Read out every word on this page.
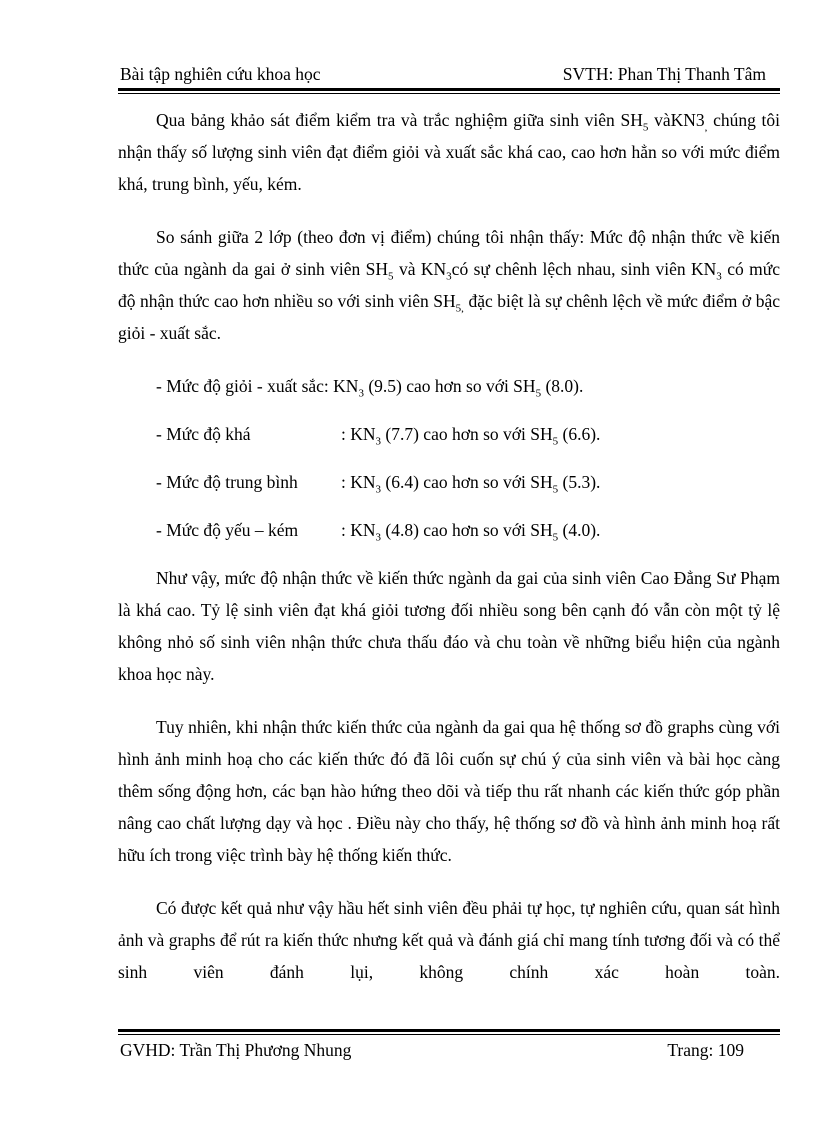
Bài tập nghiên cứu khoa học	SVTH: Phan Thị Thanh Tâm

Qua bảng khảo sát điểm kiểm tra và trắc nghiệm giữa sinh viên $SH_5$ $vàKN3_,$ chúng tôi nhận thấy số lượng sinh viên đạt điểm giỏi và xuất sắc khá cao, cao hơn hẳn so với mức điểm khá, trung bình, yếu, kém.

So sánh giữa 2 lớp (theo đơn vị điểm) chúng tôi nhận thấy: Mức độ nhận thức về kiến thức của ngành da gai ở sinh viên $SH_5$ và $KN_3có$ sự chênh lệch nhau, sinh viên $KN_3$ có mức độ nhận thức cao hơn nhiều so với sinh viên $SH_{5,}$ đặc biệt là sự chênh lệch về mức điểm ở bậc giỏi - xuất sắc.

- Mức độ giỏi - xuất sắc: $KN_3$ (9.5) cao hơn so với $SH_5$ (8.0).
- Mức độ khá	: $KN_3$ (7.7) cao hơn so với $SH_5$ (6.6).
- Mức độ trung bình : $KN_3$ (6.4) cao hơn so với $SH_5$ (5.3).
- Mức độ yếu – kém : $KN_3$ (4.8) cao hơn so với $SH_5$ (4.0).

Như vậy, mức độ nhận thức về kiến thức ngành da gai của sinh viên Cao Đẳng Sư Phạm là khá cao. Tỷ lệ sinh viên đạt khá giỏi tương đối nhiều song bên cạnh đó vẫn còn một tỷ lệ không nhỏ số sinh viên nhận thức chưa thấu đáo và chu toàn về những biểu hiện của ngành khoa học này.

Tuy nhiên, khi nhận thức kiến thức của ngành da gai qua hệ thống sơ đồ graphs cùng với hình ảnh minh hoạ cho các kiến thức đó đã lôi cuốn sự chú ý của sinh viên và bài học càng thêm sống động hơn, các bạn hào hứng theo dõi và tiếp thu rất nhanh các kiến thức góp phần nâng cao chất lượng dạy và học . Điều này cho thấy, hệ thống sơ đồ và hình ảnh minh hoạ rất hữu ích trong việc trình bày hệ thống kiến thức.

Có được kết quả như vậy hầu hết sinh viên đều phải tự học, tự nghiên cứu, quan sát hình ảnh và graphs để rút ra kiến thức nhưng kết quả và đánh giá chỉ mang tính tương đối và có thể sinh viên đánh lụi, không chính xác hoàn toàn.

GVHD: Trần Thị Phương Nhung	Trang: 109
